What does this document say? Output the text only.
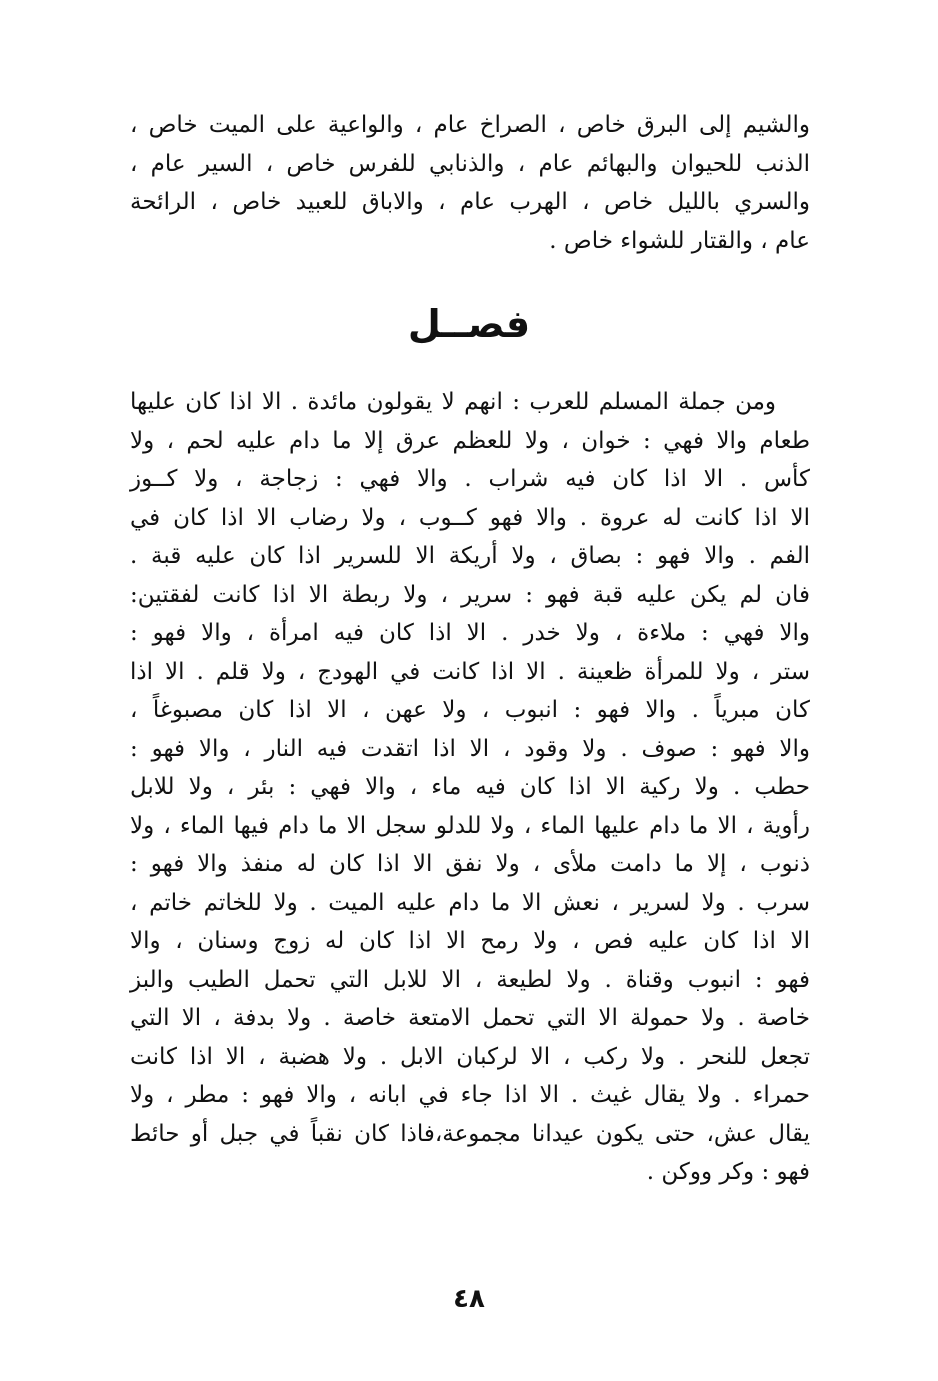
والشيم إلى البرق خاص ، الصراخ عام ، والواعية على الميت خاص ،
الذنب للحيوان والبهائم عام ، والذنابي للفرس خاص ، السير عام ،
والسري بالليل خاص ، الهرب عام ، والاباق للعبيد خاص ، الرائحة
عام ، والقتار للشواء خاص .
فصــل
ومن جملة المسلم للعرب : انهم لا يقولون مائدة . الا اذا كان عليها
طعام والا فهي : خوان ، ولا للعظم عرق إلا ما دام عليه لحم ، ولا
كأس . الا اذا كان فيه شراب . والا فهي : زجاجة ، ولا كــوز
الا اذا كانت له عروة . والا فهو كــوب ، ولا رضاب الا اذا كان في
الفم . والا فهو : بصاق ، ولا أريكة الا للسرير اذا كان عليه قبة .
فان لم يكن عليه قبة فهو : سرير ، ولا ربطة الا اذا كانت لفقتين:
والا فهي : ملاءة ، ولا خدر . الا اذا كان فيه امرأة ، والا فهو :
ستر ، ولا للمرأة ظعينة . الا اذا كانت في الهودج ، ولا قلم . الا اذا
كان مبرياً . والا فهو : انبوب ، ولا عهن ، الا اذا كان مصبوغاً ،
والا فهو : صوف . ولا وقود ، الا اذا اتقدت فيه النار ، والا فهو :
حطب . ولا ركية الا اذا كان فيه ماء ، والا فهي : بئر ، ولا للابل
رأوية ، الا ما دام عليها الماء ، ولا للدلو سجل الا ما دام فيها الماء ، ولا
ذنوب ، إلا ما دامت ملأى ، ولا نفق الا اذا كان له منفذ والا فهو :
سرب . ولا لسرير ، نعش الا ما دام عليه الميت . ولا للخاتم خاتم ،
الا اذا كان عليه فص ، ولا رمح الا اذا كان له زوج وسنان ، والا
فهو : انبوب وقناة . ولا لطيعة ، الا للابل التي تحمل الطيب والبز
خاصة . ولا حمولة الا التي تحمل الامتعة خاصة . ولا بدفة ، الا التي
تجعل للنحر . ولا ركب ، الا لركبان الابل . ولا هضبة ، الا اذا كانت
حمراء . ولا يقال غيث . الا اذا جاء في ابانه ، والا فهو : مطر ، ولا
يقال عش، حتى يكون عيدانا مجموعة،فاذا كان نقباً في جبل أو حائط
فهو : وكر ووكن .
٤٨
